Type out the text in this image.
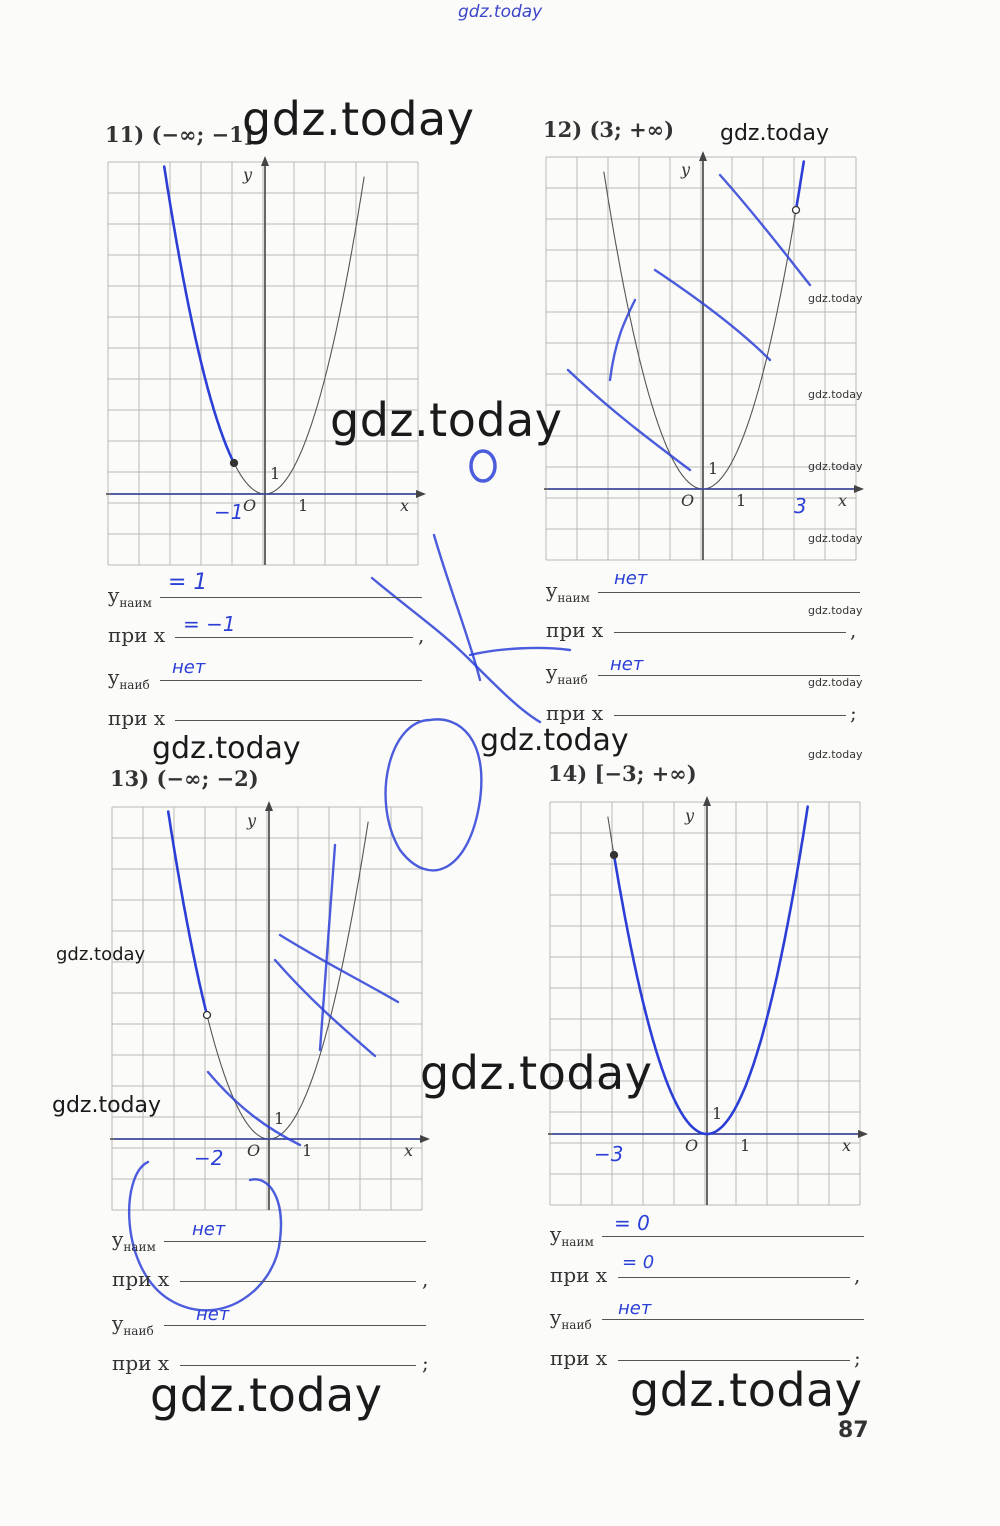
gdz.today
11) (−∞; −1]	12) (3; +∞)
13) (−∞; −2)	14) [−3; +∞)
y
x
O	1
1
y
x
O	1
1
y
x
O	1
1
y
x
O	1
1
−1	3
−2	−3
$y_{наим}$
= 1
при x	,
= −1
$y_{наиб}$
нет
при x
$y_{наим}$
нет
при x	,
$y_{наиб}$
нет
при x	;
$y_{наим}$
нет
при x	,
$y_{наиб}$
нет
при x	;
$y_{наим}$
= 0
при x	,
= 0
$y_{наиб}$
нет
при x	;
gdz.today	gdz.today
gdz.today
gdz.today	gdz.today
gdz.today
gdz.today
gdz.today
gdz.today	gdz.today
gdz.today
gdz.today
gdz.today
gdz.today
gdz.today
gdz.today
gdz.today
87
